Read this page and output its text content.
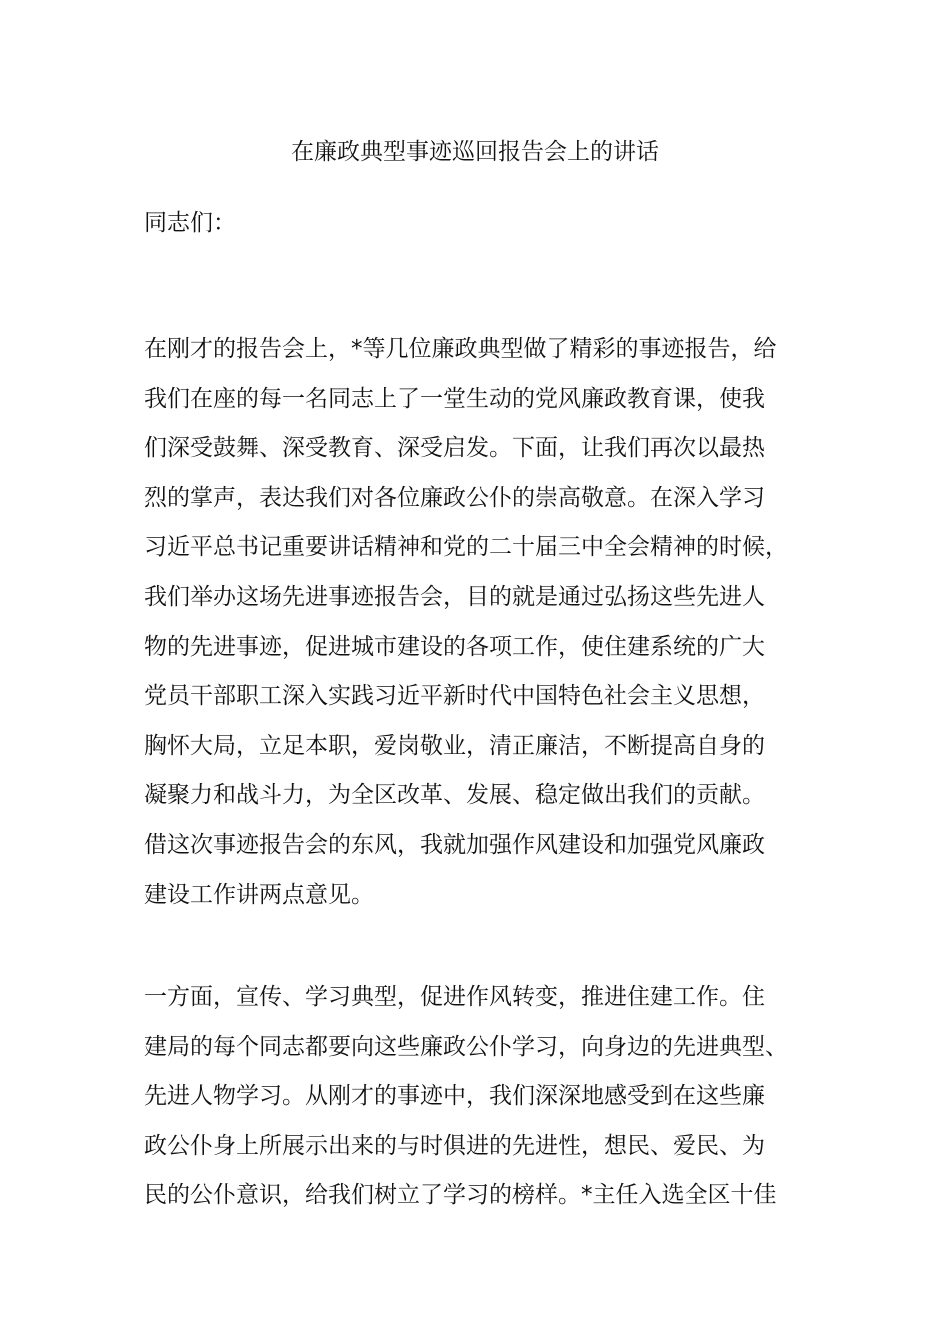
在廉政典型事迹巡回报告会上的讲话
同志们：
在刚才的报告会上，*等几位廉政典型做了精彩的事迹报告，给
我们在座的每一名同志上了一堂生动的党风廉政教育课，使我
们深受鼓舞、深受教育、深受启发。下面，让我们再次以最热
烈的掌声，表达我们对各位廉政公仆的崇高敬意。在深入学习
习近平总书记重要讲话精神和党的二十届三中全会精神的时候，
我们举办这场先进事迹报告会，目的就是通过弘扬这些先进人
物的先进事迹，促进城市建设的各项工作，使住建系统的广大
党员干部职工深入实践习近平新时代中国特色社会主义思想，
胸怀大局，立足本职，爱岗敬业，清正廉洁，不断提高自身的
凝聚力和战斗力，为全区改革、发展、稳定做出我们的贡献。
借这次事迹报告会的东风，我就加强作风建设和加强党风廉政
建设工作讲两点意见。
一方面，宣传、学习典型，促进作风转变，推进住建工作。住
建局的每个同志都要向这些廉政公仆学习，向身边的先进典型、
先进人物学习。从刚才的事迹中，我们深深地感受到在这些廉
政公仆身上所展示出来的与时俱进的先进性，想民、爱民、为
民的公仆意识，给我们树立了学习的榜样。*主任入选全区十佳
